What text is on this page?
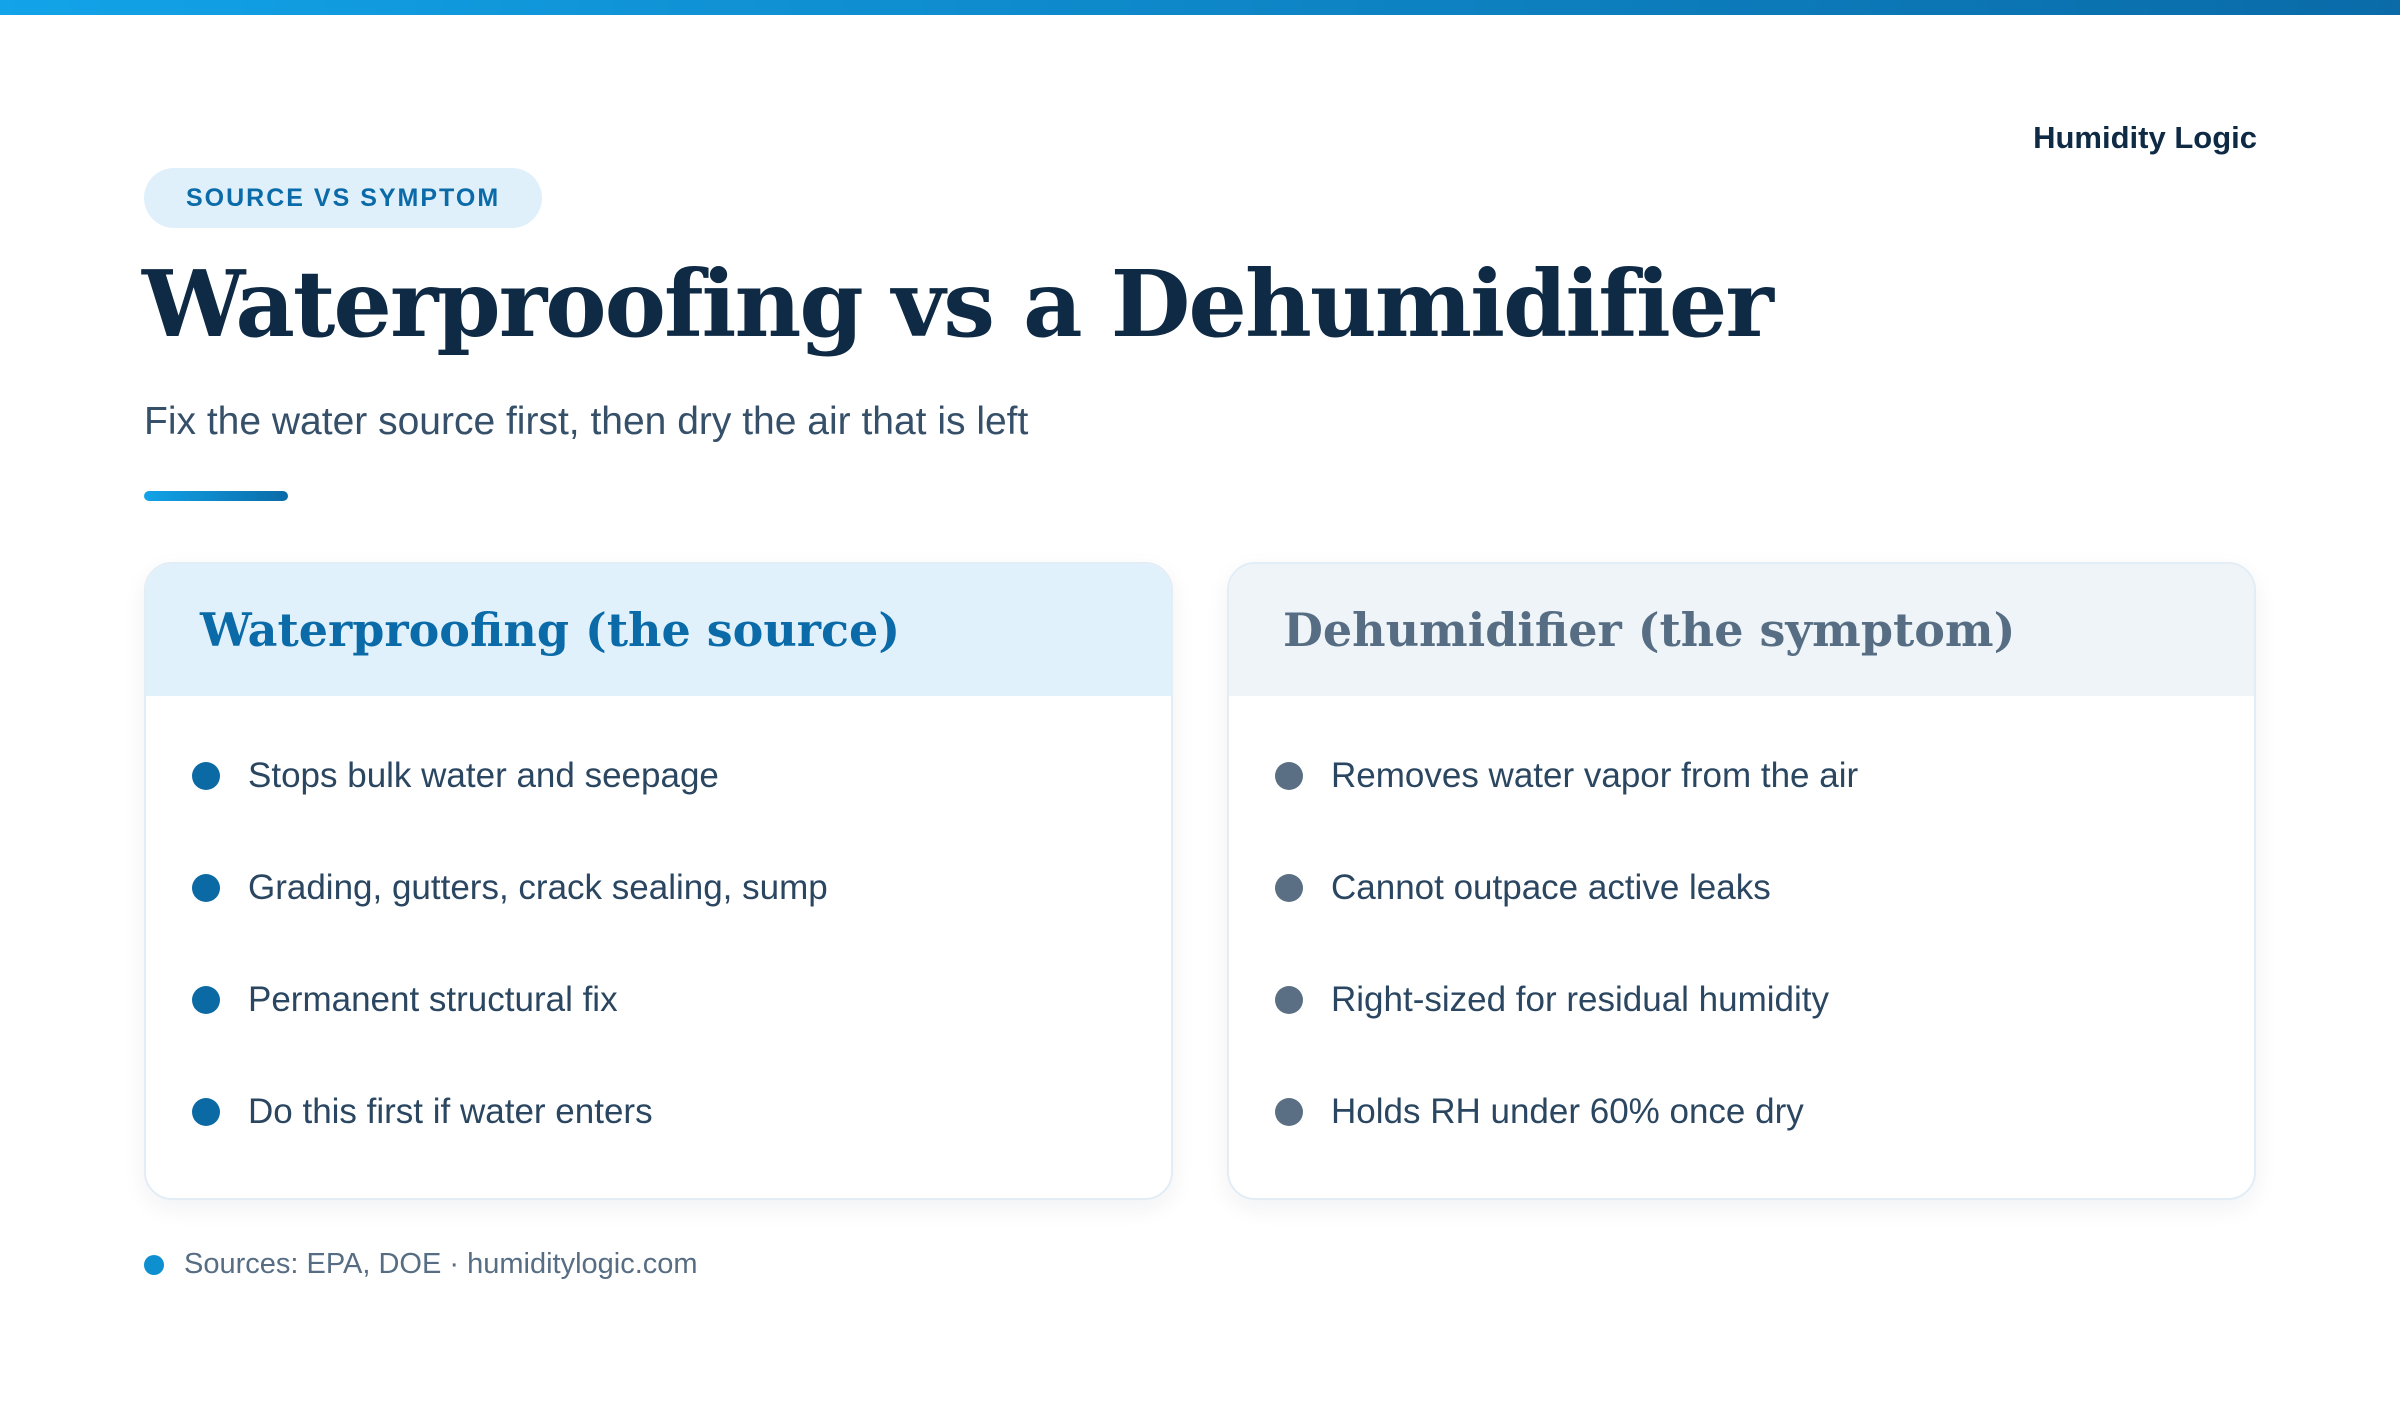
Humidity Logic
SOURCE VS SYMPTOM
Waterproofing vs a Dehumidifier
Fix the water source first, then dry the air that is left
Waterproofing (the source)
Stops bulk water and seepage
Grading, gutters, crack sealing, sump
Permanent structural fix
Do this first if water enters
Dehumidifier (the symptom)
Removes water vapor from the air
Cannot outpace active leaks
Right-sized for residual humidity
Holds RH under 60% once dry
Sources: EPA, DOE · humiditylogic.com
